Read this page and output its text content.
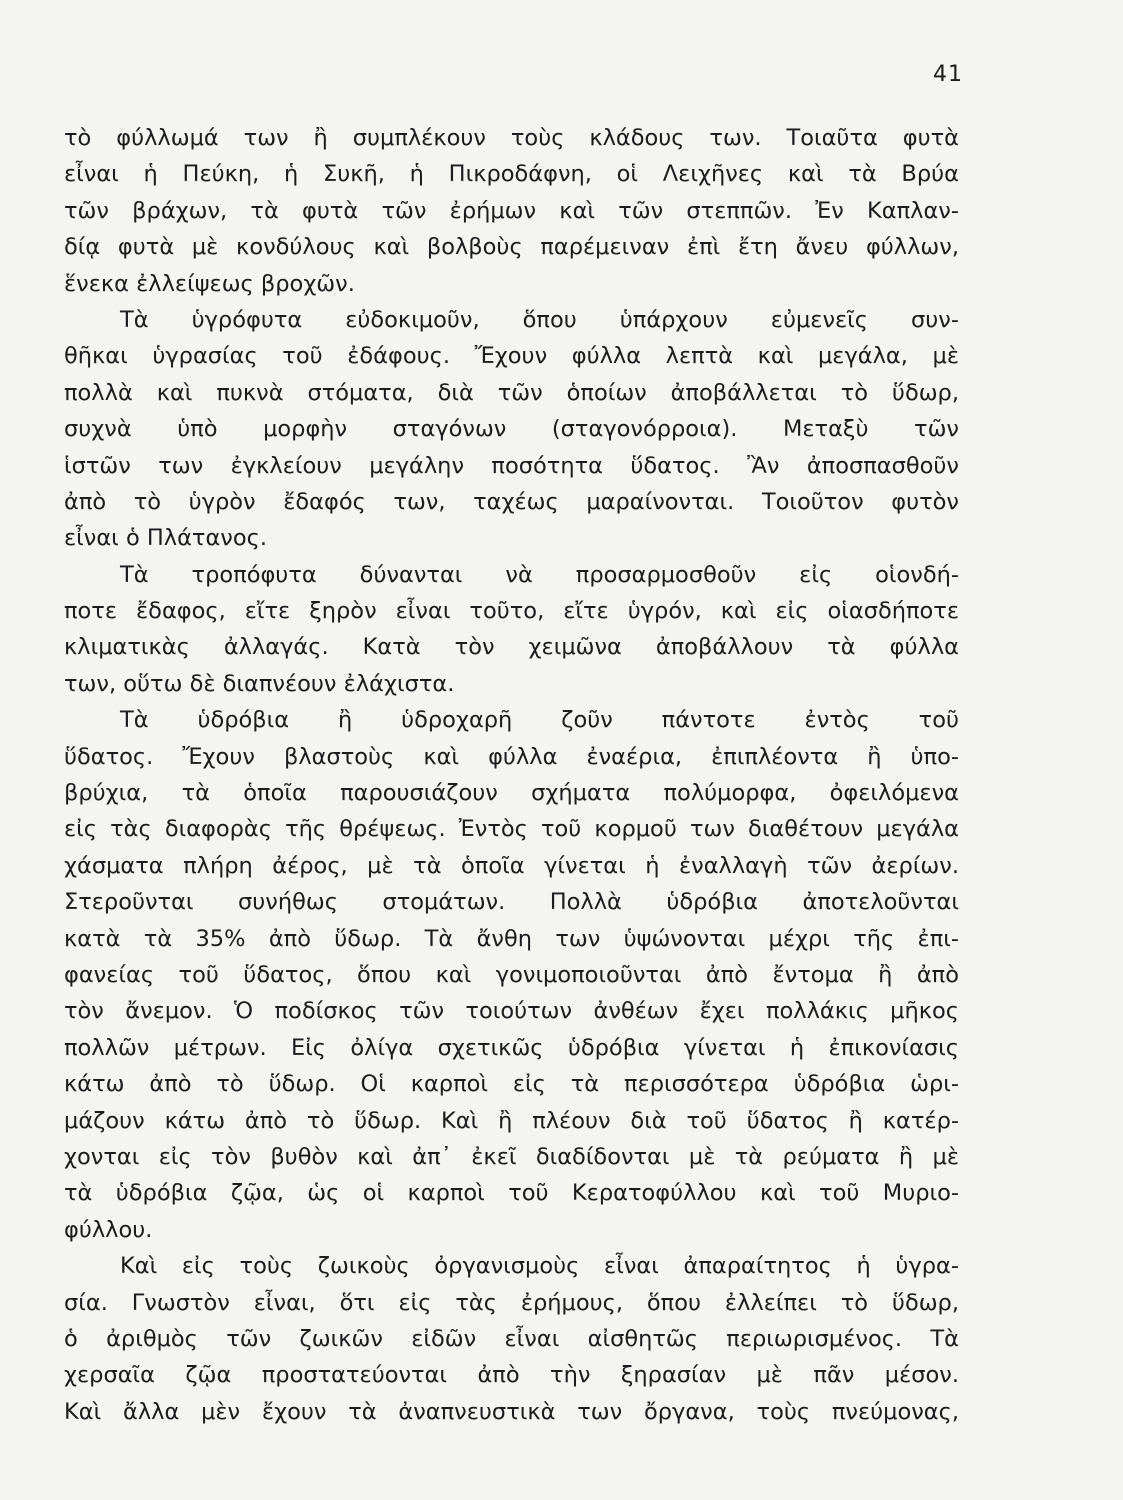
41
τὸ φύλλωμά των ἢ συμπλέκουν τοὺς κλάδους των. Τοιαῦτα φυτὰ
εἶναι ἡ Πεύκη, ἡ Συκῆ, ἡ Πικροδάφνη, οἱ Λειχῆνες καὶ τὰ Βρύα
τῶν βράχων, τὰ φυτὰ τῶν ἐρήμων καὶ τῶν στεππῶν. Ἐν Καπλαν-
δίᾳ φυτὰ μὲ κονδύλους καὶ βολβοὺς παρέμειναν ἐπὶ ἔτη ἄνευ φύλλων,
ἕνεκα ἐλλείψεως βροχῶν.
Τὰ ὑγρόφυτα εὐδοκιμοῦν, ὅπου ὑπάρχουν εὐμενεῖς συν-
θῆκαι ὑγρασίας τοῦ ἐδάφους. Ἔχουν φύλλα λεπτὰ καὶ μεγάλα, μὲ
πολλὰ καὶ πυκνὰ στόματα, διὰ τῶν ὁποίων ἀποβάλλεται τὸ ὕδωρ,
συχνὰ ὑπὸ μορφὴν σταγόνων (σταγονόρροια). Μεταξὺ τῶν
ἱστῶν των ἐγκλείουν μεγάλην ποσότητα ὕδατος. Ἂν ἀποσπασθοῦν
ἀπὸ τὸ ὑγρὸν ἔδαφός των, ταχέως μαραίνονται. Τοιοῦτον φυτὸν
εἶναι ὁ Πλάτανος.
Τὰ τροπόφυτα δύνανται νὰ προσαρμοσθοῦν εἰς οἱονδή-
ποτε ἔδαφος, εἴτε ξηρὸν εἶναι τοῦτο, εἴτε ὑγρόν, καὶ εἰς οἱασδήποτε
κλιματικὰς ἀλλαγάς. Κατὰ τὸν χειμῶνα ἀποβάλλουν τὰ φύλλα
των, οὕτω δὲ διαπνέουν ἐλάχιστα.
Τὰ ὑδρόβια ἢ ὑδροχαρῆ ζοῦν πάντοτε ἐντὸς τοῦ
ὕδατος. Ἔχουν βλαστοὺς καὶ φύλλα ἐναέρια, ἐπιπλέοντα ἢ ὑπο-
βρύχια, τὰ ὁποῖα παρουσιάζουν σχήματα πολύμορφα, ὀφειλόμενα
εἰς τὰς διαφορὰς τῆς θρέψεως. Ἐντὸς τοῦ κορμοῦ των διαθέτουν μεγάλα
χάσματα πλήρη ἀέρος, μὲ τὰ ὁποῖα γίνεται ἡ ἐναλλαγὴ τῶν ἀερίων.
Στεροῦνται συνήθως στομάτων. Πολλὰ ὑδρόβια ἀποτελοῦνται
κατὰ τὰ 35% ἀπὸ ὕδωρ. Τὰ ἄνθη των ὑψώνονται μέχρι τῆς ἐπι-
φανείας τοῦ ὕδατος, ὅπου καὶ γονιμοποιοῦνται ἀπὸ ἔντομα ἢ ἀπὸ
τὸν ἄνεμον. Ὁ ποδίσκος τῶν τοιούτων ἀνθέων ἔχει πολλάκις μῆκος
πολλῶν μέτρων. Εἰς ὀλίγα σχετικῶς ὑδρόβια γίνεται ἡ ἐπικονίασις
κάτω ἀπὸ τὸ ὕδωρ. Οἱ καρποὶ εἰς τὰ περισσότερα ὑδρόβια ὡρι-
μάζουν κάτω ἀπὸ τὸ ὕδωρ. Καὶ ἢ πλέουν διὰ τοῦ ὕδατος ἢ κατέρ-
χονται εἰς τὸν βυθὸν καὶ ἀπ᾿ ἐκεῖ διαδίδονται μὲ τὰ ρεύματα ἢ μὲ
τὰ ὑδρόβια ζῷα, ὡς οἱ καρποὶ τοῦ Κερατοφύλλου καὶ τοῦ Μυριο-
φύλλου.
Καὶ εἰς τοὺς ζωικοὺς ὀργανισμοὺς εἶναι ἀπαραίτητος ἡ ὑγρα-
σία. Γνωστὸν εἶναι, ὅτι εἰς τὰς ἐρήμους, ὅπου ἐλλείπει τὸ ὕδωρ,
ὁ ἀριθμὸς τῶν ζωικῶν εἰδῶν εἶναι αἰσθητῶς περιωρισμένος. Τὰ
χερσαῖα ζῷα προστατεύονται ἀπὸ τὴν ξηρασίαν μὲ πᾶν μέσον.
Καὶ ἄλλα μὲν ἔχουν τὰ ἀναπνευστικὰ των ὄργανα, τοὺς πνεύμονας,
